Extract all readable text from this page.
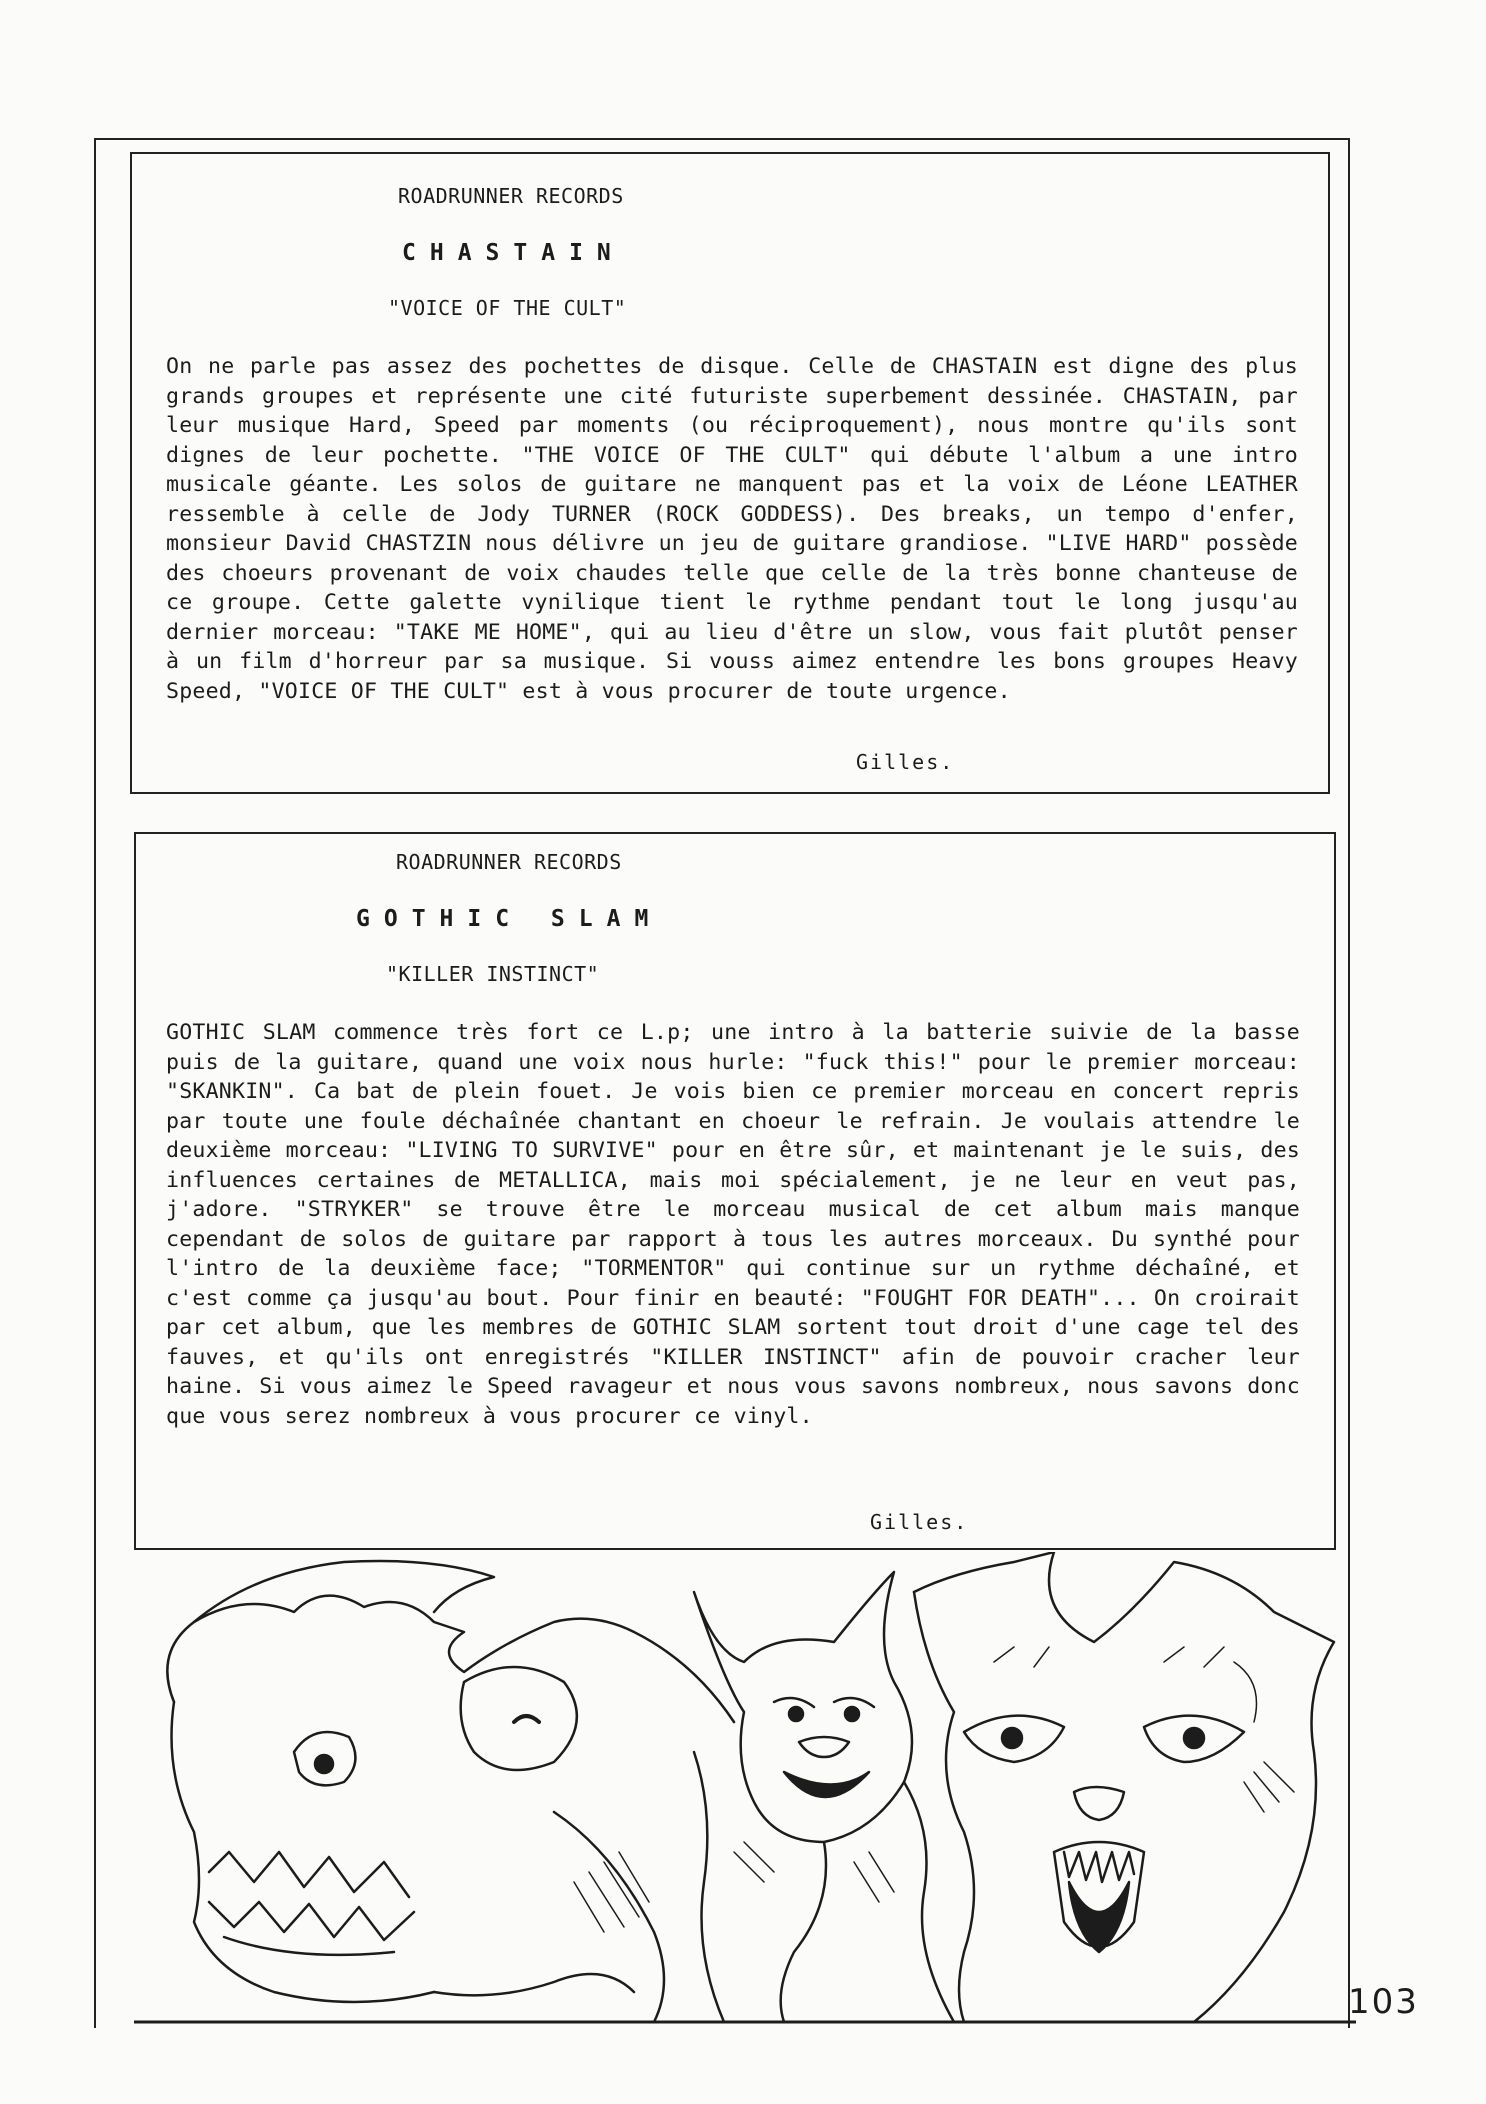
ROADRUNNER RECORDS
CHASTAIN
"VOICE OF THE CULT"
On ne parle pas assez des pochettes de disque. Celle de CHASTAIN est digne des plus grands groupes et représente une cité futuriste superbement dessinée. CHASTAIN, par leur musique Hard, Speed par moments (ou réciproquement), nous montre qu'ils sont dignes de leur pochette. "THE VOICE OF THE CULT" qui débute l'album a une intro musicale géante. Les solos de guitare ne manquent pas et la voix de Léone LEATHER ressemble à celle de Jody TURNER (ROCK GODDESS). Des breaks, un tempo d'enfer, monsieur David CHASTZIN nous délivre un jeu de guitare grandiose. "LIVE HARD" possède des choeurs provenant de voix chaudes telle que celle de la très bonne chanteuse de ce groupe. Cette galette vynilique tient le rythme pendant tout le long jusqu'au dernier morceau: "TAKE ME HOME", qui au lieu d'être un slow, vous fait plutôt penser à un film d'horreur par sa musique. Si vouss aimez entendre les bons groupes Heavy Speed, "VOICE OF THE CULT" est à vous procurer de toute urgence.
Gilles.
ROADRUNNER RECORDS
GOTHIC SLAM
"KILLER INSTINCT"
GOTHIC SLAM commence très fort ce L.p; une intro à la batterie suivie de la basse puis de la guitare, quand une voix nous hurle: "fuck this!" pour le premier morceau: "SKANKIN". Ca bat de plein fouet. Je vois bien ce premier morceau en concert repris par toute une foule déchaînée chantant en choeur le refrain. Je voulais attendre le deuxième morceau: "LIVING TO SURVIVE" pour en être sûr, et maintenant je le suis, des influences certaines de METALLICA, mais moi spécialement, je ne leur en veut pas, j'adore. "STRYKER" se trouve être le morceau musical de cet album mais manque cependant de solos de guitare par rapport à tous les autres morceaux. Du synthé pour l'intro de la deuxième face; "TORMENTOR" qui continue sur un rythme déchaîné, et c'est comme ça jusqu'au bout. Pour finir en beauté: "FOUGHT FOR DEATH"... On croirait par cet album, que les membres de GOTHIC SLAM sortent tout droit d'une cage tel des fauves, et qu'ils ont enregistrés "KILLER INSTINCT" afin de pouvoir cracher leur haine. Si vous aimez le Speed ravageur et nous vous savons nombreux, nous savons donc que vous serez nombreux à vous procurer ce vinyl.
Gilles.
103
